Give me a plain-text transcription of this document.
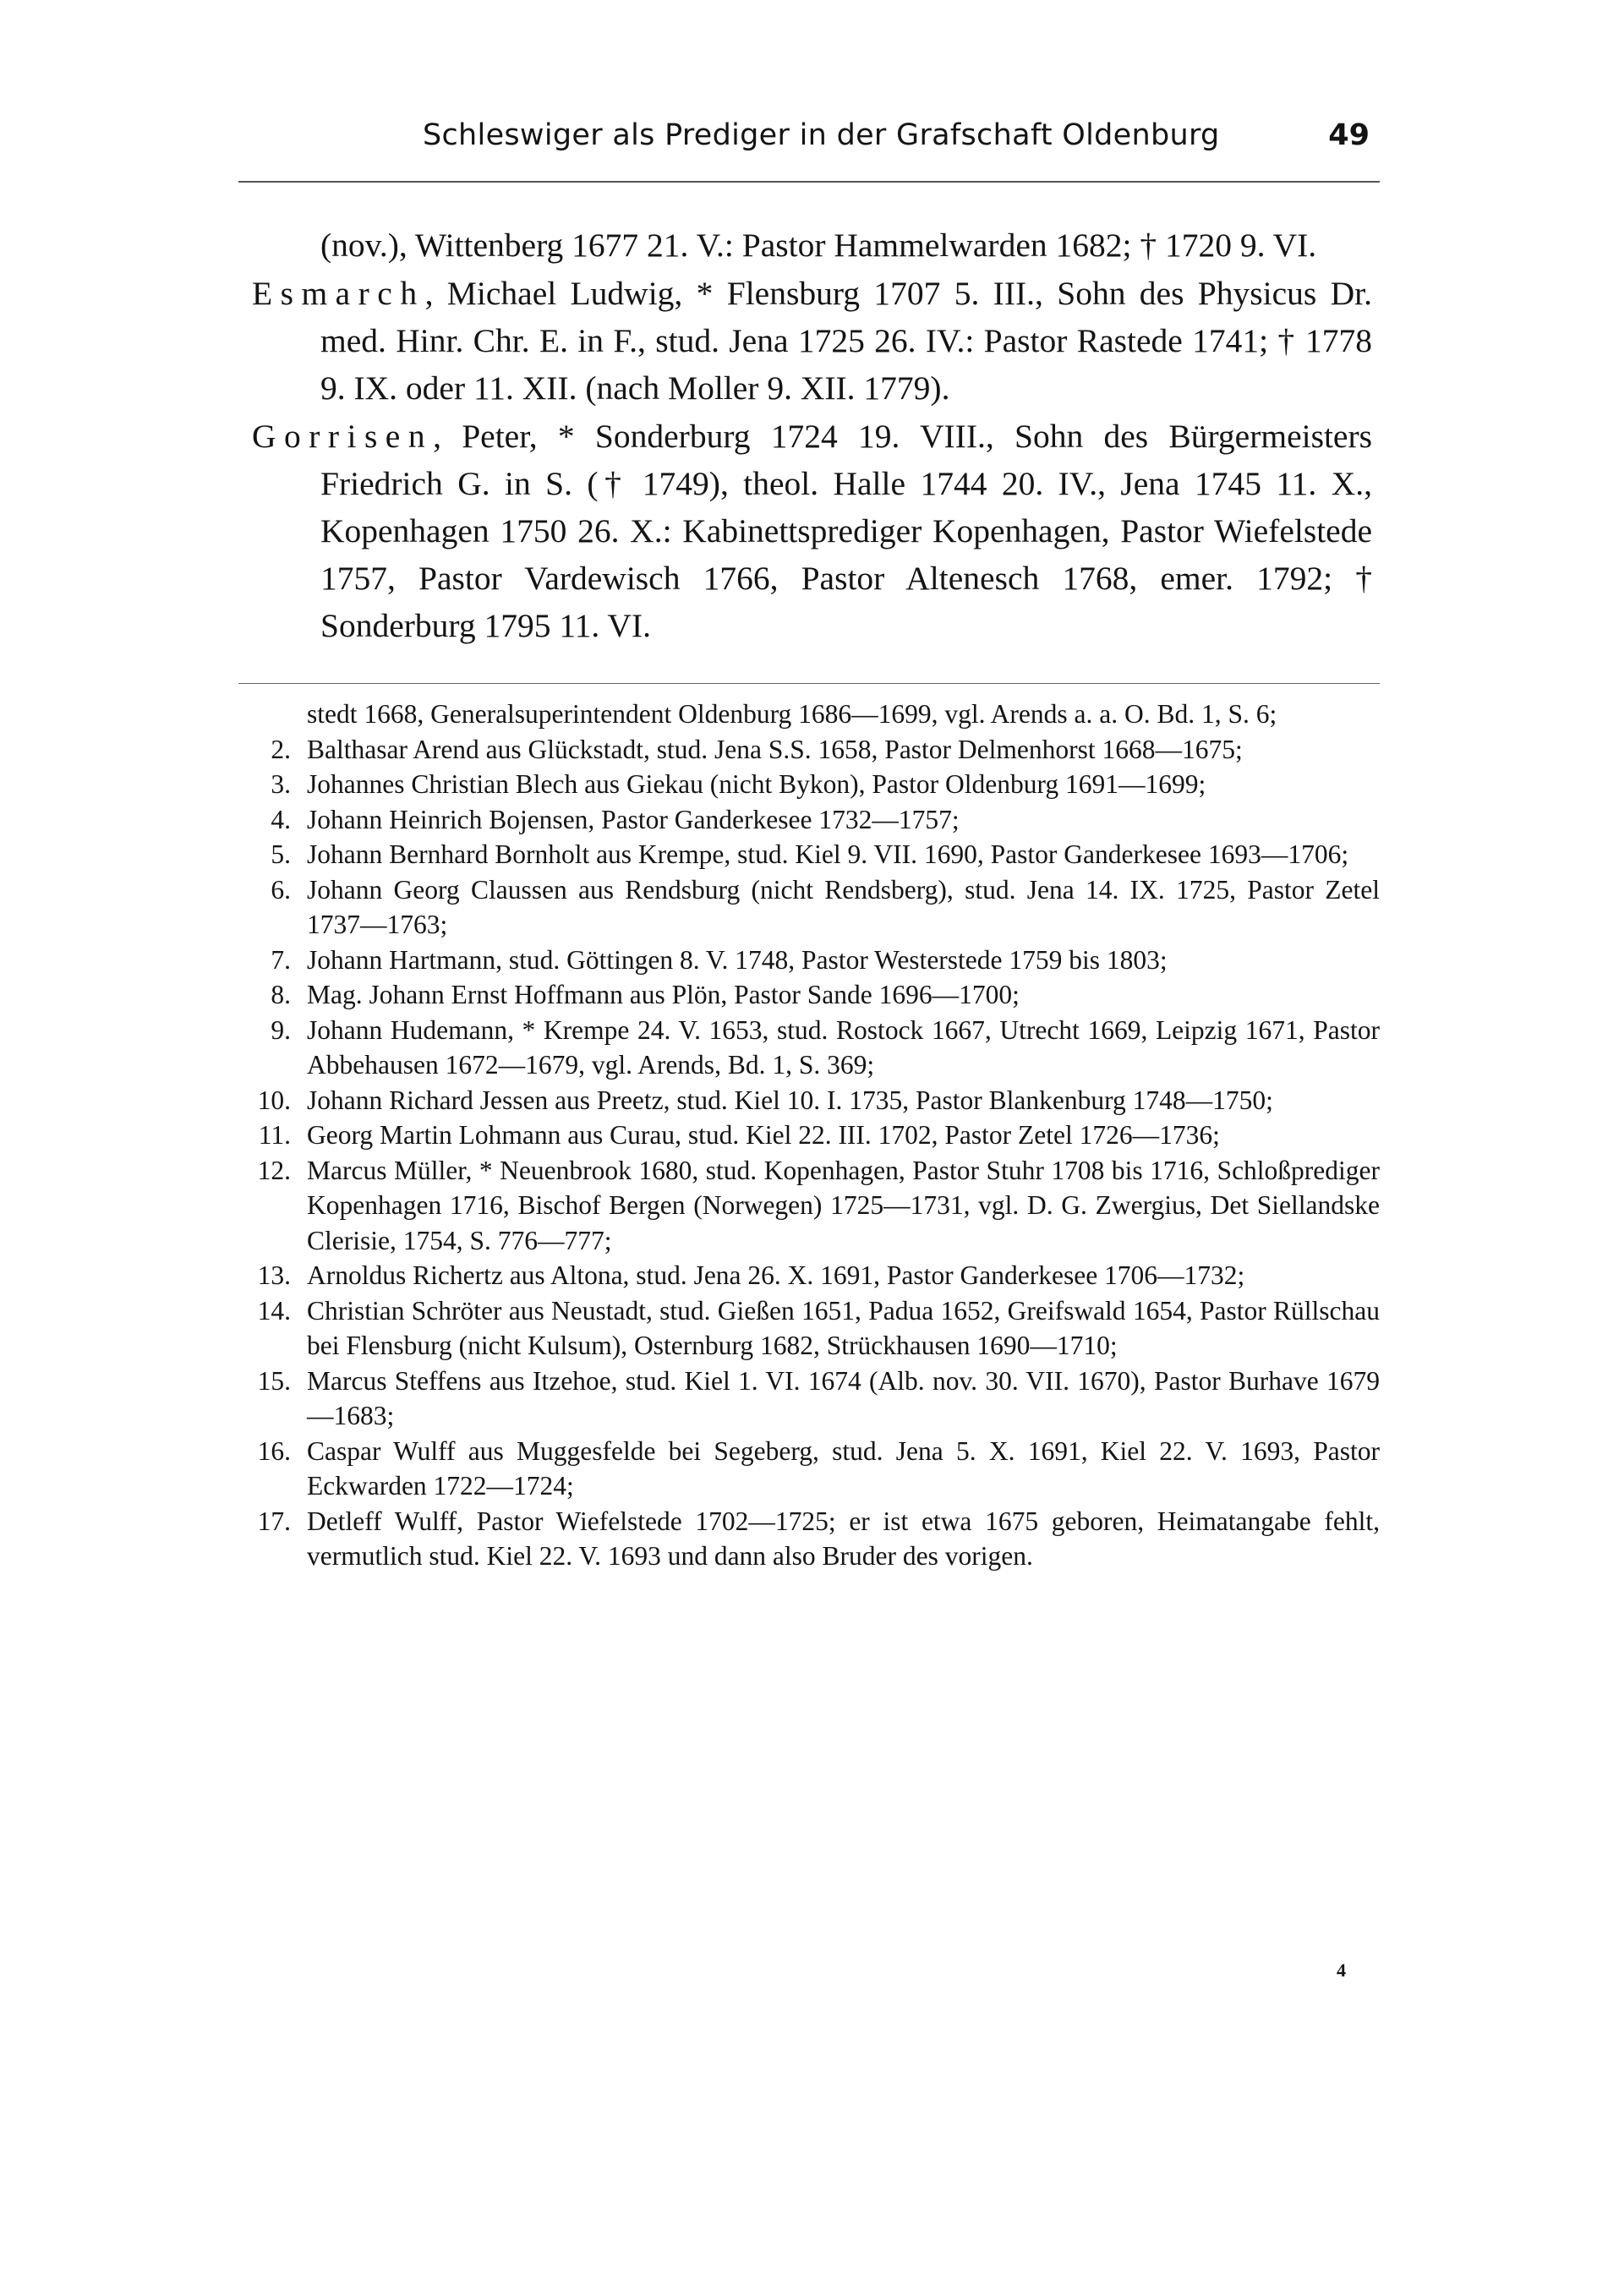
Schleswiger als Prediger in der Grafschaft Oldenburg	49

(nov.), Wittenberg 1677 21. V.: Pastor Hammelwarden 1682; † 1720 9. VI.

Esmarch, Michael Ludwig, * Flensburg 1707 5. III., Sohn des Physicus Dr. med. Hinr. Chr. E. in F., stud. Jena 1725 26. IV.: Pastor Rastede 1741; † 1778 9. IX. oder 11. XII. (nach Moller 9. XII. 1779).

Gorrisen, Peter, * Sonderburg 1724 19. VIII., Sohn des Bürgermeisters Friedrich G. in S. († 1749), theol. Halle 1744 20. IV., Jena 1745 11. X., Kopenhagen 1750 26. X.: Kabinettsprediger Kopenhagen, Pastor Wiefelstede 1757, Pastor Vardewisch 1766, Pastor Altenesch 1768, emer. 1792; † Sonderburg 1795 11. VI.

stedt 1668, Generalsuperintendent Oldenburg 1686—1699, vgl. Arends a. a. O. Bd. 1, S. 6;
2. Balthasar Arend aus Glückstadt, stud. Jena S.S. 1658, Pastor Delmenhorst 1668—1675;
3. Johannes Christian Blech aus Giekau (nicht Bykon), Pastor Oldenburg 1691—1699;
4. Johann Heinrich Bojensen, Pastor Ganderkesee 1732—1757;
5. Johann Bernhard Bornholt aus Krempe, stud. Kiel 9. VII. 1690, Pastor Ganderkesee 1693—1706;
6. Johann Georg Claussen aus Rendsburg (nicht Rendsberg), stud. Jena 14. IX. 1725, Pastor Zetel 1737—1763;
7. Johann Hartmann, stud. Göttingen 8. V. 1748, Pastor Westerstede 1759 bis 1803;
8. Mag. Johann Ernst Hoffmann aus Plön, Pastor Sande 1696—1700;
9. Johann Hudemann, * Krempe 24. V. 1653, stud. Rostock 1667, Utrecht 1669, Leipzig 1671, Pastor Abbehausen 1672—1679, vgl. Arends, Bd. 1, S. 369;
10. Johann Richard Jessen aus Preetz, stud. Kiel 10. I. 1735, Pastor Blankenburg 1748—1750;
11. Georg Martin Lohmann aus Curau, stud. Kiel 22. III. 1702, Pastor Zetel 1726—1736;
12. Marcus Müller, * Neuenbrook 1680, stud. Kopenhagen, Pastor Stuhr 1708 bis 1716, Schloßprediger Kopenhagen 1716, Bischof Bergen (Norwegen) 1725—1731, vgl. D. G. Zwergius, Det Siellandske Clerisie, 1754, S. 776—777;
13. Arnoldus Richertz aus Altona, stud. Jena 26. X. 1691, Pastor Ganderkesee 1706—1732;
14. Christian Schröter aus Neustadt, stud. Gießen 1651, Padua 1652, Greifswald 1654, Pastor Rüllschau bei Flensburg (nicht Kulsum), Osternburg 1682, Strückhausen 1690—1710;
15. Marcus Steffens aus Itzehoe, stud. Kiel 1. VI. 1674 (Alb. nov. 30. VII. 1670), Pastor Burhave 1679—1683;
16. Caspar Wulff aus Muggesfelde bei Segeberg, stud. Jena 5. X. 1691, Kiel 22. V. 1693, Pastor Eckwarden 1722—1724;
17. Detleff Wulff, Pastor Wiefelstede 1702—1725; er ist etwa 1675 geboren, Heimatangabe fehlt, vermutlich stud. Kiel 22. V. 1693 und dann also Bruder des vorigen.
4
